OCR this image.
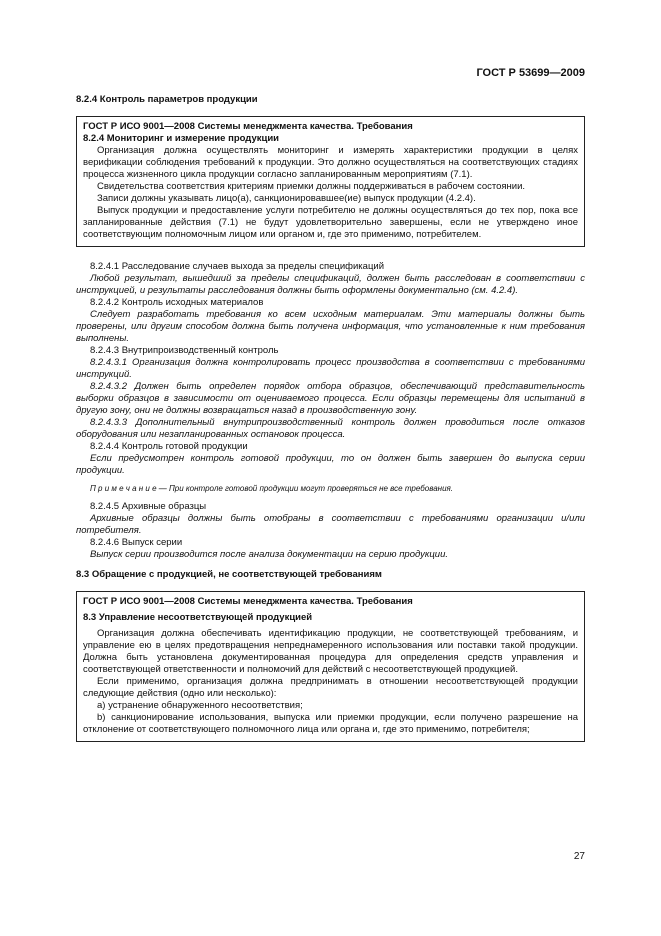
ГОСТ Р 53699—2009

8.2.4 Контроль параметров продукции

ГОСТ Р ИСО 9001—2008 Системы менеджмента качества. Требования

8.2.4 Мониторинг и измерение продукции

Организация должна осуществлять мониторинг и измерять характеристики продукции в целях верификации соблюдения требований к продукции. Это должно осуществляться на соответствующих стадиях процесса жизненного цикла продукции согласно запланированным мероприятиям (7.1).

Свидетельства соответствия критериям приемки должны поддерживаться в рабочем состоянии.

Записи должны указывать лицо(а), санкционировавшее(ие) выпуск продукции (4.2.4).

Выпуск продукции и предоставление услуги потребителю не должны осуществляться до тех пор, пока все запланированные действия (7.1) не будут удовлетворительно завершены, если не утверждено иное соответствующим полномочным лицом или органом и, где это применимо, потребителем.

8.2.4.1 Расследование случаев выхода за пределы спецификаций

Любой результат, вышедший за пределы спецификаций, должен быть расследован в соответствии с инструкцией, и результаты расследования должны быть оформлены документально (см. 4.2.4).

8.2.4.2 Контроль исходных материалов

Следует разработать требования ко всем исходным материалам. Эти материалы должны быть проверены, или другим способом должна быть получена информация, что установленные к ним требования выполнены.

8.2.4.3 Внутрипроизводственный контроль

8.2.4.3.1 Организация должна контролировать процесс производства в соответствии с требованиями инструкций.

8.2.4.3.2 Должен быть определен порядок отбора образцов, обеспечивающий представительность выборки образцов в зависимости от оцениваемого процесса. Если образцы перемещены для испытаний в другую зону, они не должны возвращаться назад в производственную зону.

8.2.4.3.3 Дополнительный внутрипроизводственный контроль должен проводиться после отказов оборудования или незапланированных остановок процесса.

8.2.4.4 Контроль готовой продукции

Если предусмотрен контроль готовой продукции, то он должен быть завершен до выпуска серии продукции.

П р и м е ч а н и е — При контроле готовой продукции могут проверяться не все требования.

8.2.4.5 Архивные образцы

Архивные образцы должны быть отобраны в соответствии с требованиями организации и/или потребителя.

8.2.4.6 Выпуск серии

Выпуск серии производится после анализа документации на серию продукции.

8.3 Обращение с продукцией, не соответствующей требованиям

ГОСТ Р ИСО 9001—2008 Системы менеджмента качества. Требования

8.3 Управление несоответствующей продукцией

Организация должна обеспечивать идентификацию продукции, не соответствующей требованиям, и управление ею в целях предотвращения непреднамеренного использования или поставки такой продукции. Должна быть установлена документированная процедура для определения средств управления и соответствующей ответственности и полномочий для действий с несоответствующей продукцией.

Если применимо, организация должна предпринимать в отношении несоответствующей продукции следующие действия (одно или несколько):

а) устранение обнаруженного несоответствия;

b) санкционирование использования, выпуска или приемки продукции, если получено разрешение на отклонение от соответствующего полномочного лица или органа и, где это применимо, потребителя;

27
